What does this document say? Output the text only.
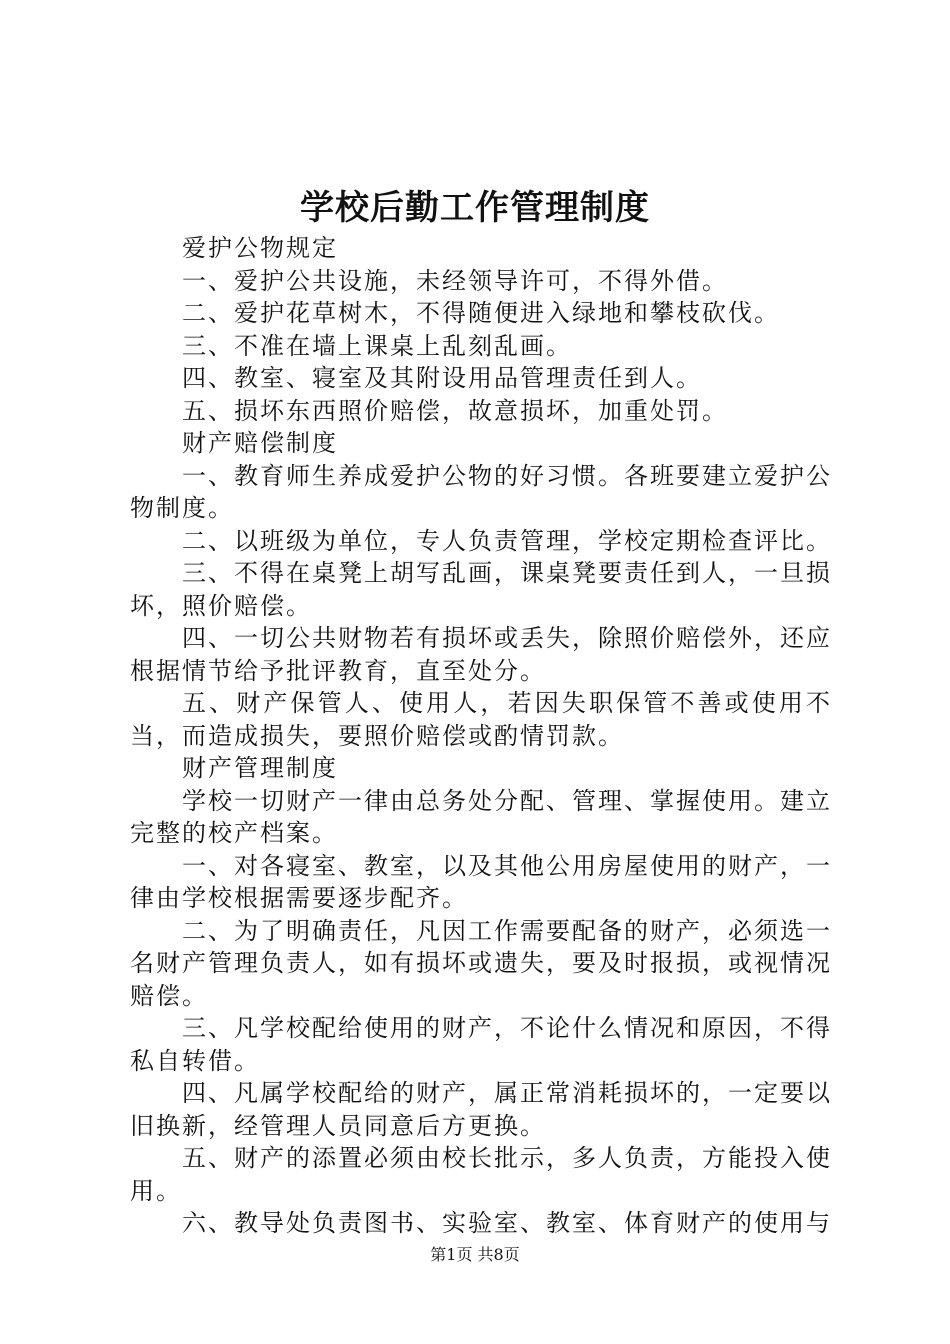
学校后勤工作管理制度

爱护公物规定

一、爱护公共设施，未经领导许可，不得外借。

二、爱护花草树木，不得随便进入绿地和攀枝砍伐。

三、不准在墙上课桌上乱刻乱画。

四、教室、寝室及其附设用品管理责任到人。

五、损坏东西照价赔偿，故意损坏，加重处罚。

财产赔偿制度

一、教育师生养成爱护公物的好习惯。各班要建立爱护公物制度。

二、以班级为单位，专人负责管理，学校定期检查评比。

三、不得在桌凳上胡写乱画，课桌凳要责任到人，一旦损坏，照价赔偿。

四、一切公共财物若有损坏或丢失，除照价赔偿外，还应根据情节给予批评教育，直至处分。

五、财产保管人、使用人，若因失职保管不善或使用不当，而造成损失，要照价赔偿或酌情罚款。

财产管理制度

学校一切财产一律由总务处分配、管理、掌握使用。建立完整的校产档案。

一、对各寝室、教室，以及其他公用房屋使用的财产，一律由学校根据需要逐步配齐。

二、为了明确责任，凡因工作需要配备的财产，必须选一名财产管理负责人，如有损坏或遗失，要及时报损，或视情况赔偿。

三、凡学校配给使用的财产，不论什么情况和原因，不得私自转借。

四、凡属学校配给的财产，属正常消耗损坏的，一定要以旧换新，经管理人员同意后方更换。

五、财产的添置必须由校长批示，多人负责，方能投入使用。

六、教导处负责图书、实验室、教室、体育财产的使用与

第1页 共8页
